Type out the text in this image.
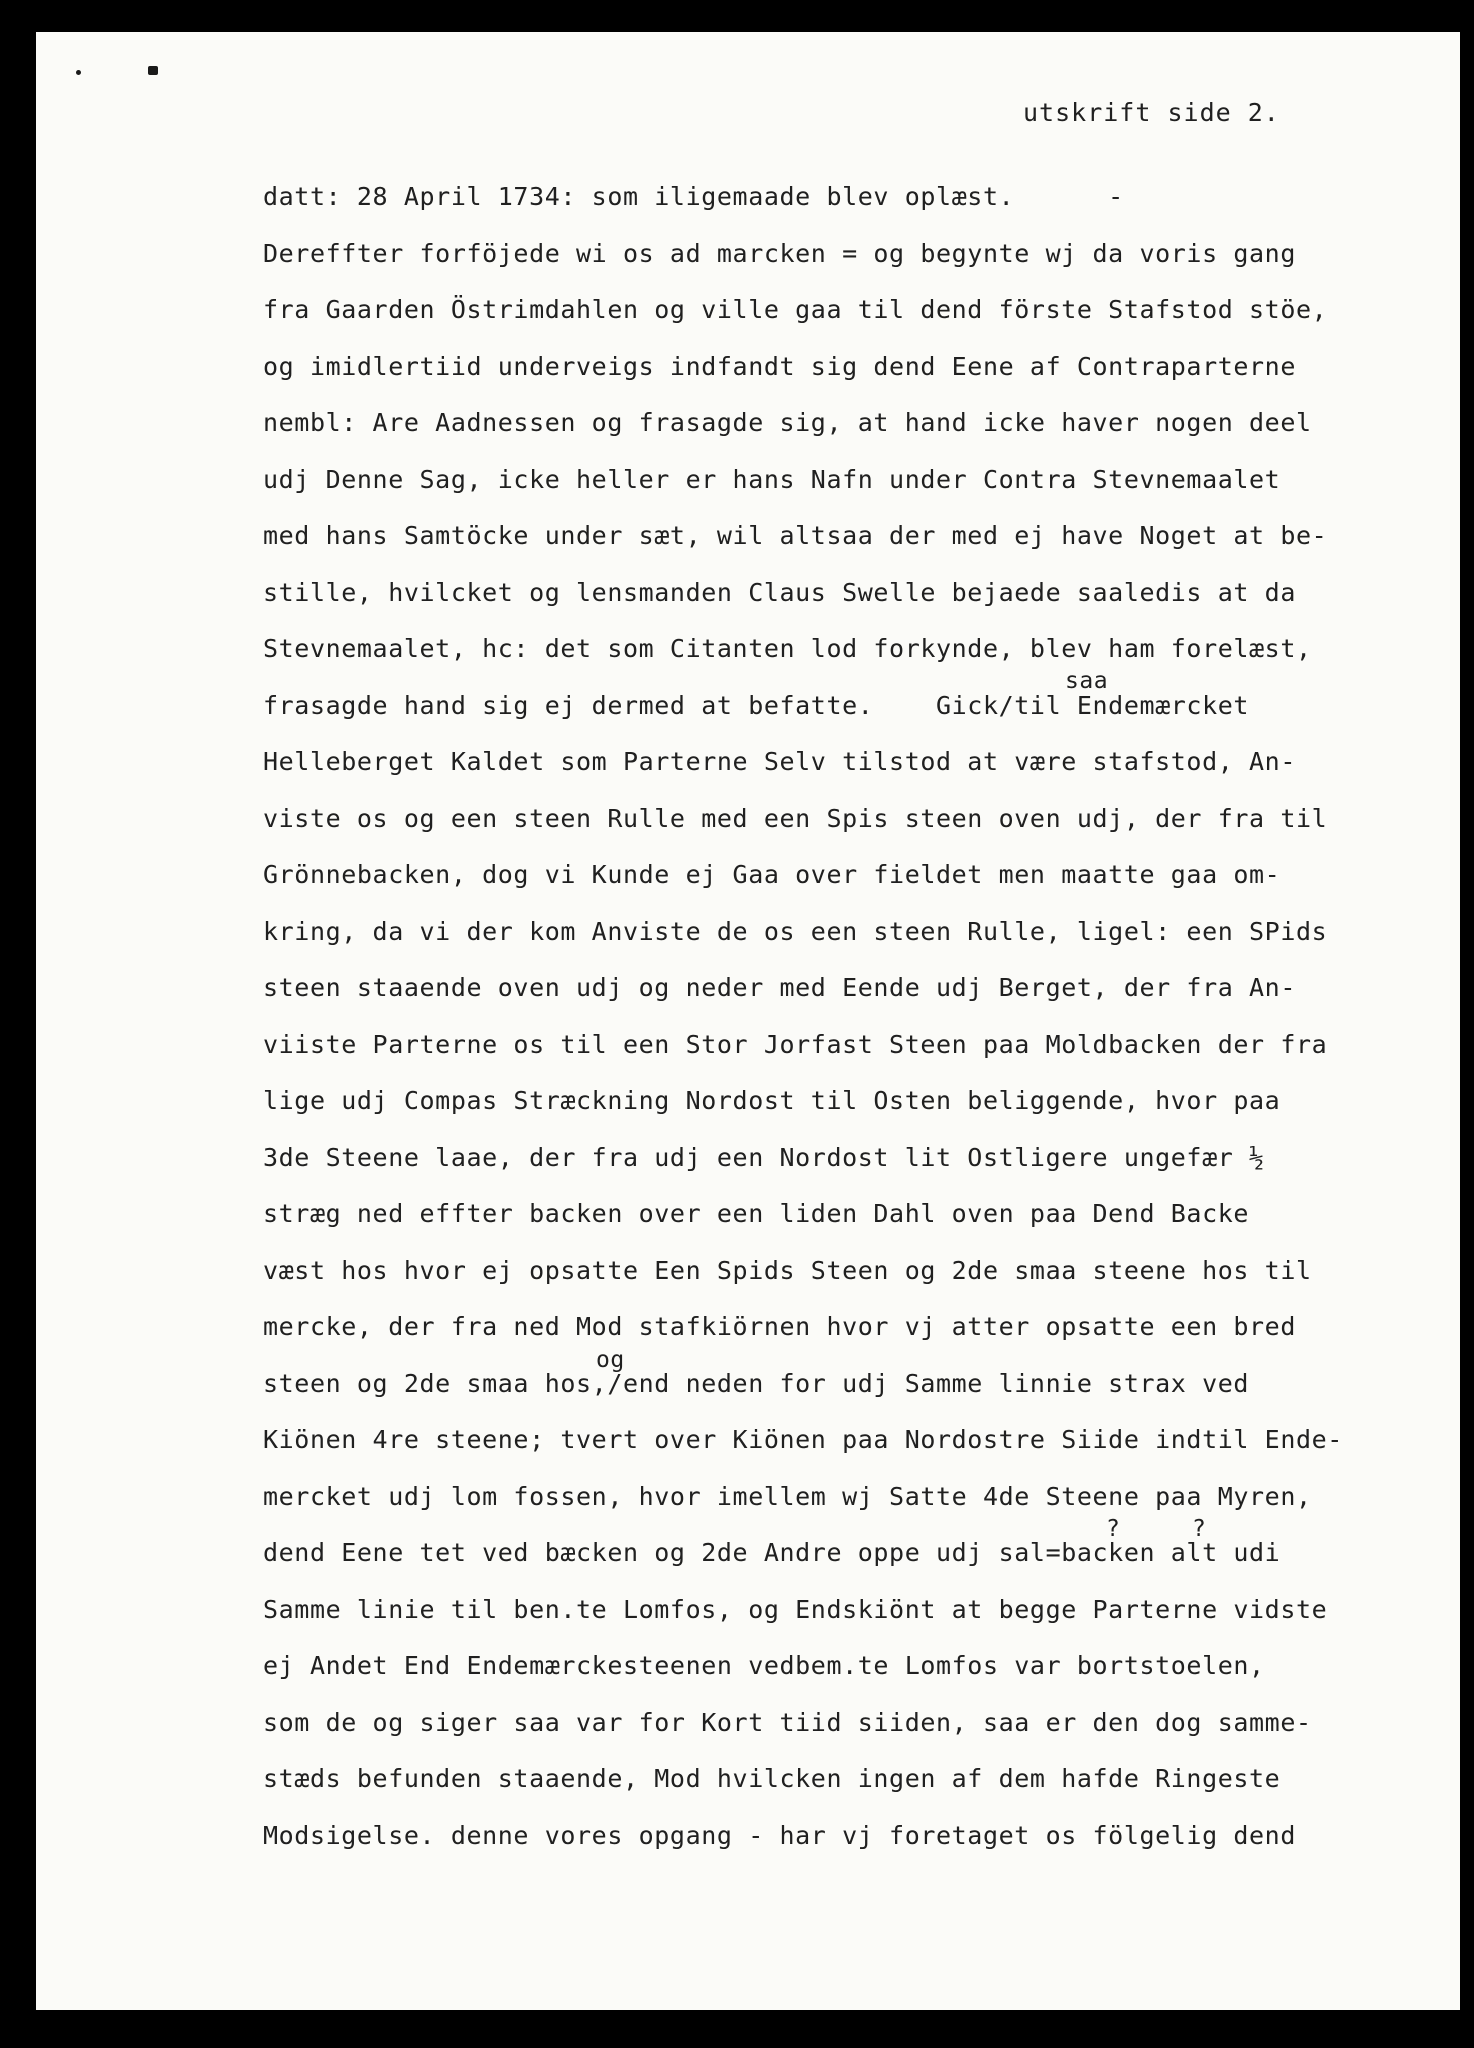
utskrift side 2.
datt: 28 April 1734: som iligemaade blev oplæst.      -
Dereffter forföjede wi os ad marcken = og begynte wj da voris gang
fra Gaarden Östrimdahlen og ville gaa til dend förste Stafstod stöe,
og imidlertiid underveigs indfandt sig dend Eene af Contraparterne
nembl: Are Aadnessen og frasagde sig, at hand icke haver nogen deel
udj Denne Sag, icke heller er hans Nafn under Contra Stevnemaalet
med hans Samtöcke under sæt, wil altsaa der med ej have Noget at be-
stille, hvilcket og lensmanden Claus Swelle bejaede saaledis at da
Stevnemaalet, hc: det som Citanten lod forkynde, blev ham forelæst,
saa
frasagde hand sig ej dermed at befatte.    Gick/til Endemærcket
Helleberget Kaldet som Parterne Selv tilstod at være stafstod, An-
viste os og een steen Rulle med een Spis steen oven udj, der fra til
Grönnebacken, dog vi Kunde ej Gaa over fieldet men maatte gaa om-
kring, da vi der kom Anviste de os een steen Rulle, ligel: een SPids
steen staaende oven udj og neder med Eende udj Berget, der fra An-
viiste Parterne os til een Stor Jorfast Steen paa Moldbacken der fra
lige udj Compas Stræckning Nordost til Osten beliggende, hvor paa
3de Steene laae, der fra udj een Nordost lit Ostligere ungefær ½
stræg ned effter backen over een liden Dahl oven paa Dend Backe
væst hos hvor ej opsatte Een Spids Steen og 2de smaa steene hos til
mercke, der fra ned Mod stafkiörnen hvor vj atter opsatte een bred
og
steen og 2de smaa hos,/end neden for udj Samme linnie strax ved
Kiönen 4re steene; tvert over Kiönen paa Nordostre Siide indtil Ende-
mercket udj lom fossen, hvor imellem wj Satte 4de Steene paa Myren,
?	?
dend Eene tet ved bæcken og 2de Andre oppe udj sal=backen alt udi
Samme linie til ben.te Lomfos, og Endskiönt at begge Parterne vidste
ej Andet End Endemærckesteenen vedbem.te Lomfos var bortstoelen,
som de og siger saa var for Kort tiid siiden, saa er den dog samme-
stæds befunden staaende, Mod hvilcken ingen af dem hafde Ringeste
Modsigelse. denne vores opgang - har vj foretaget os fölgelig dend
